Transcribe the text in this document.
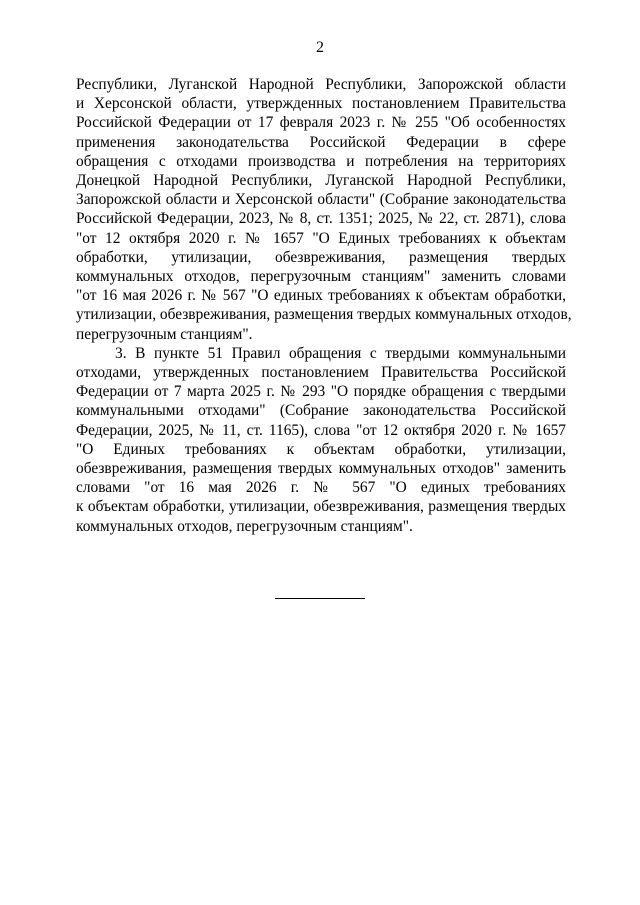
2
Республики, Луганской Народной Республики, Запорожской области
и Херсонской области, утвержденных постановлением Правительства
Российской Федерации от 17 февраля 2023 г. № 255 "Об особенностях
применения законодательства Российской Федерации в сфере
обращения с отходами производства и потребления на территориях
Донецкой Народной Республики, Луганской Народной Республики,
Запорожской области и Херсонской области" (Собрание законодательства
Российской Федерации, 2023, № 8, ст. 1351; 2025, № 22, ст. 2871), слова
"от 12 октября 2020 г. № 1657 "О Единых требованиях к объектам
обработки, утилизации, обезвреживания, размещения твердых
коммунальных отходов, перегрузочным станциям" заменить словами
"от 16 мая 2026 г. № 567 "О единых требованиях к объектам обработки,
утилизации, обезвреживания, размещения твердых коммунальных отходов,
перегрузочным станциям".
3. В пункте 51 Правил обращения с твердыми коммунальными
отходами, утвержденных постановлением Правительства Российской
Федерации от 7 марта 2025 г. № 293 "О порядке обращения с твердыми
коммунальными отходами" (Собрание законодательства Российской
Федерации, 2025, № 11, ст. 1165), слова "от 12 октября 2020 г. № 1657
"О Единых требованиях к объектам обработки, утилизации,
обезвреживания, размещения твердых коммунальных отходов" заменить
словами "от 16 мая 2026 г. № 567 "О единых требованиях
к объектам обработки, утилизации, обезвреживания, размещения твердых
коммунальных отходов, перегрузочным станциям".
